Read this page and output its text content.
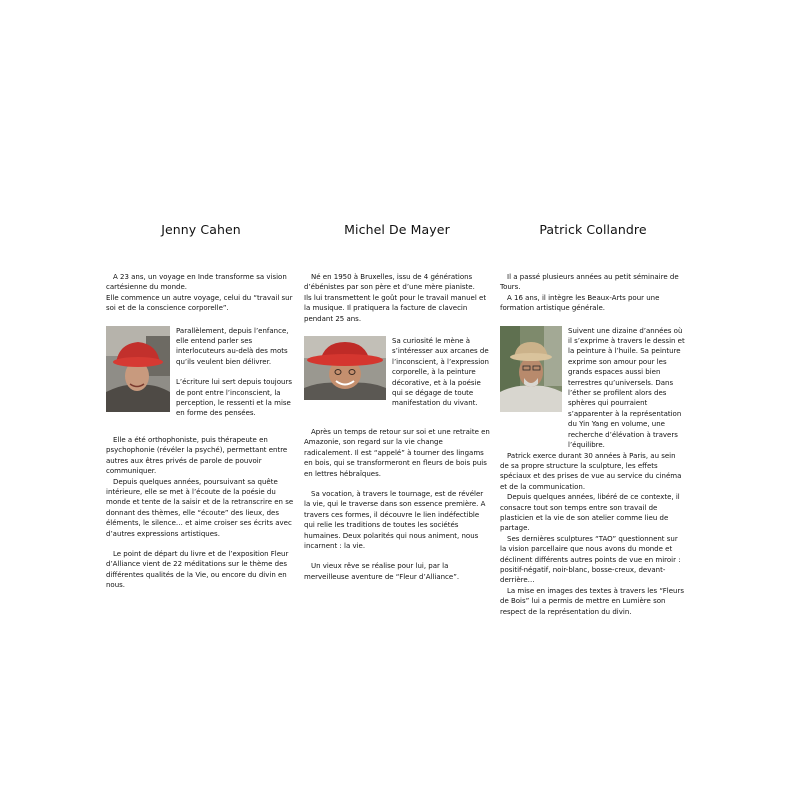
Jenny Cahen

A 23 ans, un voyage en Inde transforme sa vision cartésienne du monde.

Elle commence un autre voyage, celui du “travail sur soi et de la conscience corporelle”.

Parallèlement, depuis l’enfance, elle entend parler ses interlocuteurs au-delà des mots qu’ils veulent bien délivrer.

L’écriture lui sert depuis toujours de pont entre l’inconscient, la perception, le ressenti et la mise en forme des pensées.

Elle a été orthophoniste, puis thérapeute en psychophonie (révéler la psyché), permettant entre autres aux êtres privés de parole de pouvoir communiquer.

Depuis quelques années, poursuivant sa quête intérieure, elle se met à l’écoute de la poésie du monde et tente de la saisir et de la retranscrire en se donnant des thèmes, elle “écoute” des lieux, des éléments, le silence… et aime croiser ses écrits avec d’autres expressions artistiques.

Le point de départ du livre et de l’exposition Fleur d’Alliance vient de 22 méditations sur le thème des différentes qualités de la Vie, ou encore du divin en nous.

Michel De Mayer

Né en 1950 à Bruxelles, issu de 4 générations d’ébénistes par son père et d’une mère pianiste.

Ils lui transmettent le goût pour le travail manuel et la musique. Il pratiquera la facture de clavecin pendant 25 ans.

Sa curiosité le mène à s’intéresser aux arcanes de l’inconscient, à l’expression corporelle, à la peinture décorative, et à la poésie qui se dégage de toute manifestation du vivant.

Après un temps de retour sur soi et une retraite en Amazonie, son regard sur la vie change radicalement. Il est “appelé” à tourner des lingams en bois, qui se transformeront en fleurs de bois puis en lettres hébraïques.

Sa vocation, à travers le tournage, est de révéler la vie, qui le traverse dans son essence première. A travers ces formes, il découvre le lien indéfectible qui relie les traditions de toutes les sociétés humaines. Deux polarités qui nous animent, nous incarnent : la vie.

Un vieux rêve se réalise pour lui, par la merveilleuse aventure de “Fleur d’Alliance”.

Patrick Collandre

Il a passé plusieurs années au petit séminaire de Tours.

A 16 ans, il intègre les Beaux-Arts pour une formation artistique générale.

Suivent une dizaine d’années où il s’exprime à travers le dessin et la peinture à l’huile. Sa peinture exprime son amour pour les grands espaces aussi bien terrestres qu’universels. Dans l’éther se profilent alors des sphères qui pourraient s’apparenter à la représentation du Yin Yang en volume, une recherche d’élévation à travers l’équilibre.

Patrick exerce durant 30 années à Paris, au sein de sa propre structure la sculpture, les effets spéciaux et des prises de vue au service du cinéma et de la communication.

Depuis quelques années, libéré de ce contexte, il consacre tout son temps entre son travail de plasticien et la vie de son atelier comme lieu de partage.

Ses dernières sculptures “TAO” questionnent sur la vision parcellaire que nous avons du monde et déclinent différents autres points de vue en miroir : positif-négatif, noir-blanc, bosse-creux, devant-derrière…

La mise en images des textes à travers les “Fleurs de Bois” lui a permis de mettre en Lumière son respect de la représentation du divin.
